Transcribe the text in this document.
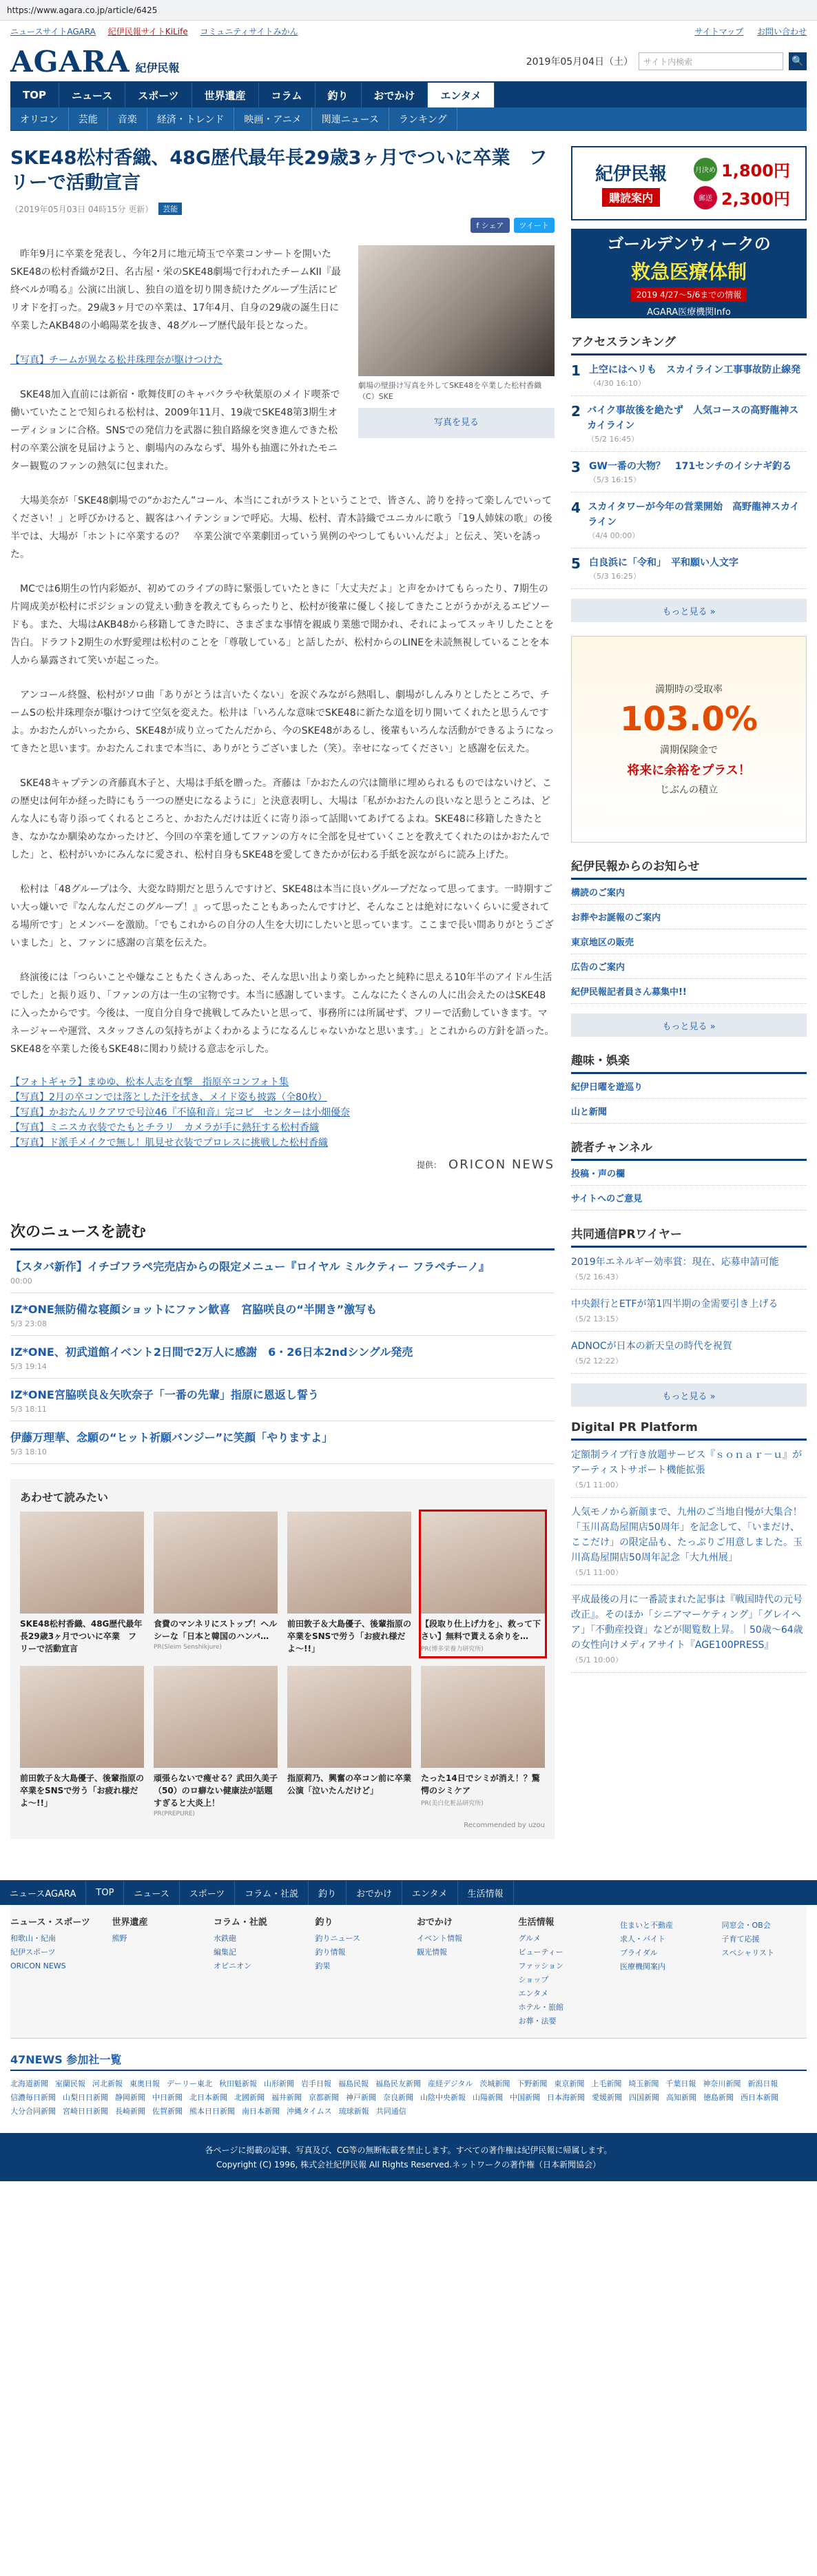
https://www.agara.co.jp/article/6425
ニュースサイトAGARA 紀伊民報サイトKiLife コミュニティサイトみかん	サイトマップ お問い合わせ
AGARA 紀伊民報	2019年05月04日（土）	サイト内検索	🔍
TOP	ニュース	スポーツ	世界遺産	コラム	釣り	おでかけ	エンタメ
オリコン	芸能	音楽	経済・トレンド	映画・アニメ	関連ニュース	ランキング
SKE48松村香織、48G歴代最年長29歳3ヶ月でついに卒業　フリーで活動宣言
（2019年05月03日 04時15分 更新）	芸能
f シェア	ツイート
劇場の壁掛け写真を外してSKE48を卒業した松村香織（C）SKE
写真を見る

昨年9月に卒業を発表し、今年2月に地元埼玉で卒業コンサートを開いたSKE48の松村香織が2日、名古屋・栄のSKE48劇場で行われたチームKII『最終ベルが鳴る』公演に出演し、独自の道を切り開き続けたグループ生活にピリオドを打った。29歳3ヶ月での卒業は、17年4月、自身の29歳の誕生日に卒業したAKB48の小嶋陽菜を抜き、48グループ歴代最年長となった。

【写真】チームが異なる松井珠理奈が駆けつけた

SKE48加入直前には新宿・歌舞伎町のキャバクラや秋葉原のメイド喫茶で働いていたことで知られる松村は、2009年11月、19歳でSKE48第3期生オーディションに合格。SNSでの発信力を武器に独自路線を突き進んできた松村の卒業公演を見届けようと、劇場内のみならず、場外も抽選に外れたモニター観覧のファンの熱気に包まれた。

大場美奈が「SKE48劇場での“かおたん”コール、本当にこれがラストということで、皆さん、誇りを持って楽しんでいってください！」と呼びかけると、観客はハイテンションで呼応。大場、松村、青木詩織でユニカルに歌う「19人姉妹の歌」の後半では、大場が「ホントに卒業するの？　卒業公演で卒業劇団っていう異例のやつしてもいいんだよ」と伝え、笑いを誘った。

MCでは6期生の竹内彩姫が、初めてのライブの時に緊張していたときに「大丈夫だよ」と声をかけてもらったり、7期生の片岡成美が松村にポジションの覚えい動きを教えてもらったりと、松村が後輩に優しく接してきたことがうかがえるエピソードも。また、大場はAKB48から移籍してきた時に、さまざまな事情を親戚り業態で聞かれ、それによってスッキリしたことを告白。ドラフト2期生の水野愛理は松村のことを「尊敬している」と話したが、松村からのLINEを未読無視していることを本人から暴露されて笑いが起こった。

アンコール終盤、松村がソロ曲「ありがとうは言いたくない」を涙ぐみながら熱唱し、劇場がしんみりとしたところで、チームSの松井珠理奈が駆けつけて空気を変えた。松井は「いろんな意味でSKE48に新たな道を切り開いてくれたと思うんですよ。かおたんがいったから、SKE48が成り立ってたんだから、今のSKE48があるし、後輩もいろんな活動ができるようになってきたと思います。かおたんこれまで本当に、ありがとうございました（笑）。幸せになってください」と感謝を伝えた。

SKE48キャプテンの斉藤真木子と、大場は手紙を贈った。斉藤は「かおたんの穴は簡単に埋められるものではないけど、この歴史は何年か経った時にもう一つの歴史になるように」と決意表明し、大場は「私がかおたんの良いなと思うところは、どんな人にも寄り添ってくれるところと、かおたんだけは近くに寄り添って話聞いてあげてるよね。SKE48に移籍したきたとき、なかなか馴染めなかったけど、今回の卒業を通してファンの方々に全部を見せていくことを教えてくれたのはかおたんでした」と、松村がいかにみんなに愛され、松村自身もSKE48を愛してきたかが伝わる手紙を涙ながらに読み上げた。

松村は「48グループは今、大変な時期だと思うんですけど、SKE48は本当に良いグループだなって思ってます。一時期すごい大っ嫌いで『なんなんだこのグループ！』って思ったこともあったんですけど、そんなことは絶対にないくらいに愛されてる場所です」とメンバーを激励。「でもこれからの自分の人生を大切にしたいと思っています。ここまで長い間ありがとうございました」と、ファンに感謝の言葉を伝えた。

終演後には「つらいことや嫌なこともたくさんあった、そんな思い出より楽しかったと純粋に思える10年半のアイドル生活でした」と振り返り、「ファンの方は一生の宝物です。本当に感謝しています。こんなにたくさんの人に出会えたのはSKE48に入ったからです。今後は、一度自分自身で挑戦してみたいと思って、事務所には所属せず、フリーで活動していきます。マネージャーや運営、スタッフさんの気持ちがよくわかるようになるんじゃないかなと思います。」とこれからの方針を語った。SKE48を卒業した後もSKE48に関わり続ける意志を示した。

【フォトギャラ】まゆゆ、松本人志を直撃　指原卒コンフォト集
【写真】2月の卒コンでは落とした汗を拭き、メイド姿も披露（全80枚）
【写真】かおたんリクアワで号泣46『不協和音』完コピ　センターは小畑優奈
【写真】ミニスカ衣装でたもとチラリ　カメラが手に熱狂する松村香織
【写真】ド派手メイクで無し！肌見せ衣装でプロレスに挑戦した松村香織
提供： ORICON NEWS
次のニュースを読む
【スタバ新作】イチゴフラペ完売店からの限定メニュー『ロイヤル ミルクティー フラペチーノ』
00:00
IZ*ONE無防備な寝顔ショットにファン歓喜　宮脇咲良の“半開き”激写も
5/3 23:08
IZ*ONE、初武道館イベント2日間で2万人に感謝　6・26日本2ndシングル発売
5/3 19:14
IZ*ONE宮脇咲良＆矢吹奈子「一番の先輩」指原に恩返し誓う
5/3 18:11
伊藤万理華、念願の“ヒット祈願バンジー”に笑顔「やりますよ」
5/3 18:10
あわせて読みたい
SKE48松村香織、48G歴代最年長29歳3ヶ月でついに卒業　フリーで活動宣言
食費のマンネリにストップ！ヘルシーな「日本と韓国のハンバ…
PR(Sleim Senshikjure)
前田敦子＆大島優子、後輩指原の卒業をSNSで労う「お疲れ様だよ～!!」
【段取り仕上げ力を」、救って下さい】無料で貰える余りを…
PR(博多栄養力研究所)
前田敦子＆大島優子、後輩指原の卒業をSNSで労う「お疲れ様だよ～!!」
頑張らないで痩せる？武田久美子（50）のロ癖ない健康法が話題すぎると大炎上！
PR(PREPURE)
指原莉乃、興奮の卒コン前に卒業公演「泣いたんだけど」
たった14日でシミが消え！？驚愕のシミケア
PR(美白化粧品研究所)
Recommended by uzou
紀伊民報
購読案内
月決め 1,800円
郵送 2,300円
ゴールデンウィークの
救急医療体制
2019 4/27〜5/6までの情報
AGARA医療機関Info
アクセスランキング
1 上空にはヘリも　スカイライン工事事故防止線発
（4/30 16:10）
2 バイク事故後を絶たず　人気コースの高野龍神スカイライン
（5/2 16:45）
3 GW一番の大物？　171センチのイシナギ釣る
（5/3 16:15）
4 スカイタワーが今年の営業開始　高野龍神スカイライン
（4/4 00:00）
5 白良浜に「令和」　平和願い人文字
（5/3 16:25）
もっと見る »
満期時の受取率
103.0%
満期保険金で
将来に余裕をプラス！
じぶんの積立
紀伊民報からのお知らせ
構読のご案内
お葬やお誕報のご案内
東京地区の販売
広告のご案内
紀伊民報記者員さん募集中!!
もっと見る »
趣味・娯楽
紀伊日曜を遊巡り
山と新聞
読者チャンネル
投稿・声の欄
サイトへのご意見
共同通信PRワイヤー
2019年エネルギー効率賞：現在、応募申請可能
（5/2 16:43）
中央銀行とETFが第1四半期の金需要引き上げる
（5/2 13:15）
ADNOCが日本の新天皇の時代を祝賀
（5/2 12:22）
もっと見る »
Digital PR Platform
定額制ライブ行き放題サービス『ｓｏｎａｒ－ｕ』がアーティストサポート機能拡張
（5/1 11:00）
人気モノから新顔まで、九州のご当地自慢が大集合！「玉川髙島屋開店50周年」を記念して、「いまだけ、ここだけ」の限定品も、たっぷりご用意しました。玉川髙島屋開店50周年記念「大九州展」
（5/1 11:00）
平成最後の月に一番読まれた記事は『戦国時代の元号改正』。そのほか「シニアマーケティング」「グレイヘア」「不動産投資」などが閲覧数上昇。｜50歳～64歳の女性向けメディアサイト『AGE100PRESS』
（5/1 10:00）
ニュースAGARA	TOP	ニュース	スポーツ	コラム・社説	釣り	おでかけ	エンタメ	生活情報
ニュース・スポーツ
和歌山・紀南
紀伊スポーツ
ORICON NEWS
世界遺産
熊野
コラム・社説
水鉄砲
編集記
オピニオン
釣り
釣りニュース
釣り情報
釣果
おでかけ
イベント情報
観光情報
生活情報
グルメ
ビューティー
ファッション
ショップ
エンタメ
ホテル・旅館
お葬・法要
住まいと不動産
求人・バイト
ブライダル
医療機関案内
同窓会・OB会
子育て応援
スペシャリスト
47NEWS 参加社一覧
北海道新聞 室蘭民報 河北新報 東奥日報 デーリー東北 秋田魁新報 山形新聞 岩手日報 福島民報 福島民友新聞 産経デジタル 茨城新聞 下野新聞 東京新聞 上毛新聞 埼玉新聞 千葉日報 神奈川新聞 新潟日報
信濃毎日新聞 山梨日日新聞 静岡新聞 中日新聞 北日本新聞 北國新聞 福井新聞 京都新聞 神戸新聞 奈良新聞 山陰中央新報 山陽新聞 中国新聞 日本海新聞 愛媛新聞 四国新聞 高知新聞 徳島新聞 西日本新聞
大分合同新聞 宮崎日日新聞 長崎新聞 佐賀新聞 熊本日日新聞 南日本新聞 沖縄タイムス 琉球新報 共同通信
各ページに掲載の記事、写真及び、CG等の無断転載を禁止します。すべての著作権は紀伊民報に帰属します。
Copyright (C) 1996, 株式会社紀伊民報 All Rights Reserved.ネットワークの著作権（日本新聞協会）
